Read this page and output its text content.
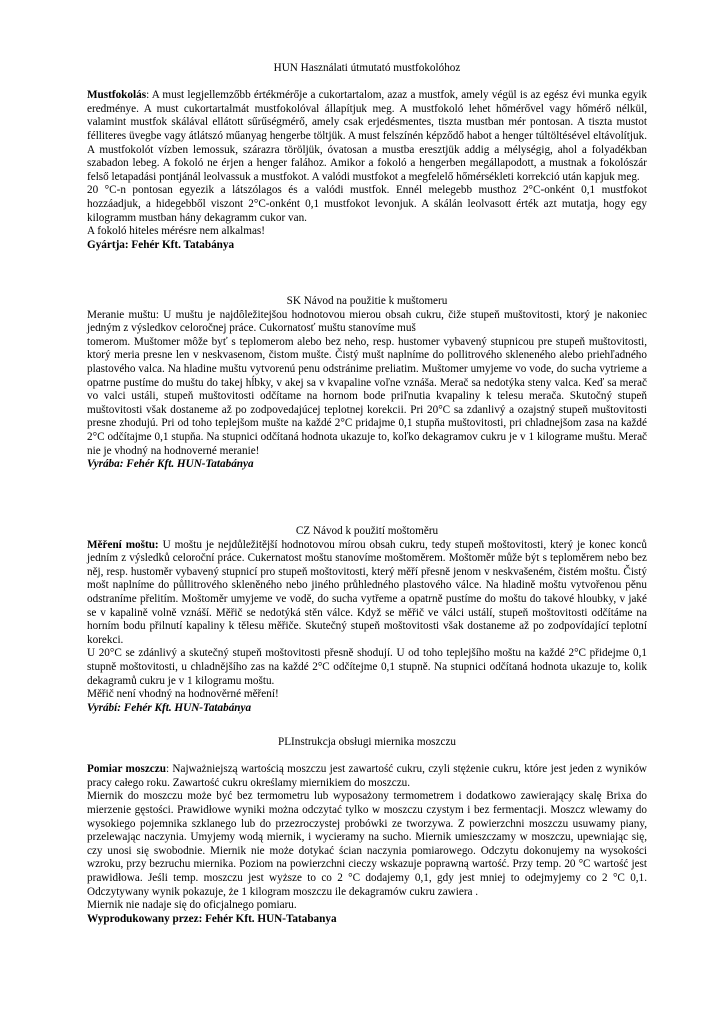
HUN Használati útmutató mustfokolóhoz

Mustfokolás: A must legjellemzőbb értékmérője a cukortartalom, azaz a mustfok, amely végül is az egész évi munka egyik eredménye. A must cukortartalmát mustfokolóval állapítjuk meg. A mustfokoló lehet hőmérővel vagy hőmérő nélkül, valamint mustfok skálával ellátott sűrűségmérő, amely csak erjedésmentes, tiszta mustban mér pontosan. A tiszta mustot félliteres üvegbe vagy átlátszó műanyag hengerbe töltjük. A must felszínén képződő habot a henger túltöltésével eltávolítjuk. A mustfokolót vízben lemossuk, szárazra töröljük, óvatosan a mustba eresztjük addig a mélységig, ahol a folyadékban szabadon lebeg. A fokoló ne érjen a henger falához. Amikor a fokoló a hengerben megállapodott, a mustnak a fokolószár felső letapadási pontjánál leolvassuk a mustfokot. A valódi mustfokot a megfelelő hőmérsékleti korrekció után kapjuk meg.

20 °C-n pontosan egyezik a látszólagos és a valódi mustfok. Ennél melegebb musthoz 2°C-onként 0,1 mustfokot hozzáadjuk, a hidegebből viszont 2°C-onként 0,1 mustfokot levonjuk. A skálán leolvasott érték azt mutatja, hogy egy kilogramm mustban hány dekagramm cukor van.

A fokoló hiteles mérésre nem alkalmas!

Gyártja: Fehér Kft. Tatabánya

SK Návod na použitie k muštomeru

Meranie muštu: U muštu je najdôležitejšou hodnotovou mierou obsah cukru, čiže stupeň muštovitosti, ktorý je nakoniec jedným z výsledkov celoročnej práce. Cukornatosť muštu stanovíme muš

tomerom. Muštomer môže byť s teplomerom alebo bez neho, resp. hustomer vybavený stupnicou pre stupeň muštovitosti, ktorý meria presne len v neskvasenom, čistom mušte. Čistý mušt naplníme do pollitrového skleneného alebo priehľadného plastového valca. Na hladine muštu vytvorenú penu odstránime preliatim. Muštomer umyjeme vo vode, do sucha vytrieme a opatrne pustíme do muštu do takej hĺbky, v akej sa v kvapaline voľne vznáša. Merač sa nedotýka steny valca. Keď sa merač vo valci ustáli, stupeň muštovitosti odčítame na hornom bode priľnutia kvapaliny k telesu merača. Skutočný stupeň muštovitosti však dostaneme až po zodpovedajúcej teplotnej korekcii. Pri 20°C sa zdanlivý a ozajstný stupeň muštovitosti presne zhodujú. Pri od toho teplejšom mušte na každé 2°C pridajme 0,1 stupňa muštovitosti, pri chladnejšom zasa na každé 2°C odčítajme 0,1 stupňa. Na stupnici odčítaná hodnota ukazuje to, koľko dekagramov cukru je v 1 kilograme muštu. Merač nie je vhodný na hodnoverné meranie!

Vyrába: Fehér Kft. HUN-Tatabánya

CZ Návod k použití moštoměru

Měření moštu: U moštu je nejdůležitější hodnotovou mírou obsah cukru, tedy stupeň moštovitosti, který je konec konců jedním z výsledků celoroční práce. Cukernatost moštu stanovíme moštoměrem. Moštoměr může být s teploměrem nebo bez něj, resp. hustoměr vybavený stupnicí pro stupeň moštovitosti, který měří přesně jenom v neskvašeném, čistém moštu. Čistý mošt naplníme do půllitrového skleněného nebo jiného průhledného plastového válce. Na hladině moštu vytvořenou pěnu odstraníme přelitím. Moštoměr umyjeme ve vodě, do sucha vytřeme a opatrně pustíme do moštu do takové hloubky, v jaké se v kapalině volně vznáší. Měřič se nedotýká stěn válce. Když se měřič ve válci ustálí, stupeň moštovitosti odčítáme na horním bodu přilnutí kapaliny k tělesu měřiče. Skutečný stupeň moštovitosti však dostaneme až po zodpovídající teplotní korekci.

U 20°C se zdánlivý a skutečný stupeň moštovitosti přesně shodují. U od toho teplejšího moštu na každé 2°C přidejme 0,1 stupně moštovitosti, u chladnějšího zas na každé 2°C odčítejme 0,1 stupně. Na stupnici odčítaná hodnota ukazuje to, kolik dekagramů cukru je v 1 kilogramu moštu.

Měřič není vhodný na hodnověrné měření!

Vyrábí: Fehér Kft. HUN-Tatabánya

PLInstrukcja obsługi miernika moszczu

Pomiar moszczu: Najważniejszą wartością moszczu jest zawartość cukru, czyli stężenie cukru, które jest jeden z wyników pracy całego roku. Zawartość cukru określamy miernikiem do moszczu.

Miernik do moszczu może być bez termometru lub wyposażony termometrem i dodatkowo zawierający skalę Brixa do mierzenie gęstości. Prawidłowe wyniki można odczytać tylko w moszczu czystym i bez fermentacji. Moszcz wlewamy do wysokiego pojemnika szklanego lub do przezroczystej probówki ze tworzywa. Z powierzchni moszczu usuwamy piany, przelewając naczynia. Umyjemy wodą miernik, i wycieramy na sucho. Miernik umieszczamy w moszczu, upewniając się, czy unosi się swobodnie. Miernik nie może dotykać ścian naczynia pomiarowego. Odczytu dokonujemy na wysokości wzroku, przy bezruchu miernika. Poziom na powierzchni cieczy wskazuje poprawną wartość. Przy temp. 20 °C wartość jest prawidłowa. Jeśli temp. moszczu jest wyższe to co 2 °C dodajemy 0,1, gdy jest mniej to odejmyjemy co 2 °C 0,1. Odczytywany wynik pokazuje, że 1 kilogram moszczu ile dekagramów cukru zawiera .

Miernik nie nadaje się do oficjalnego pomiaru.

Wyprodukowany przez: Fehér Kft. HUN-Tatabanya
